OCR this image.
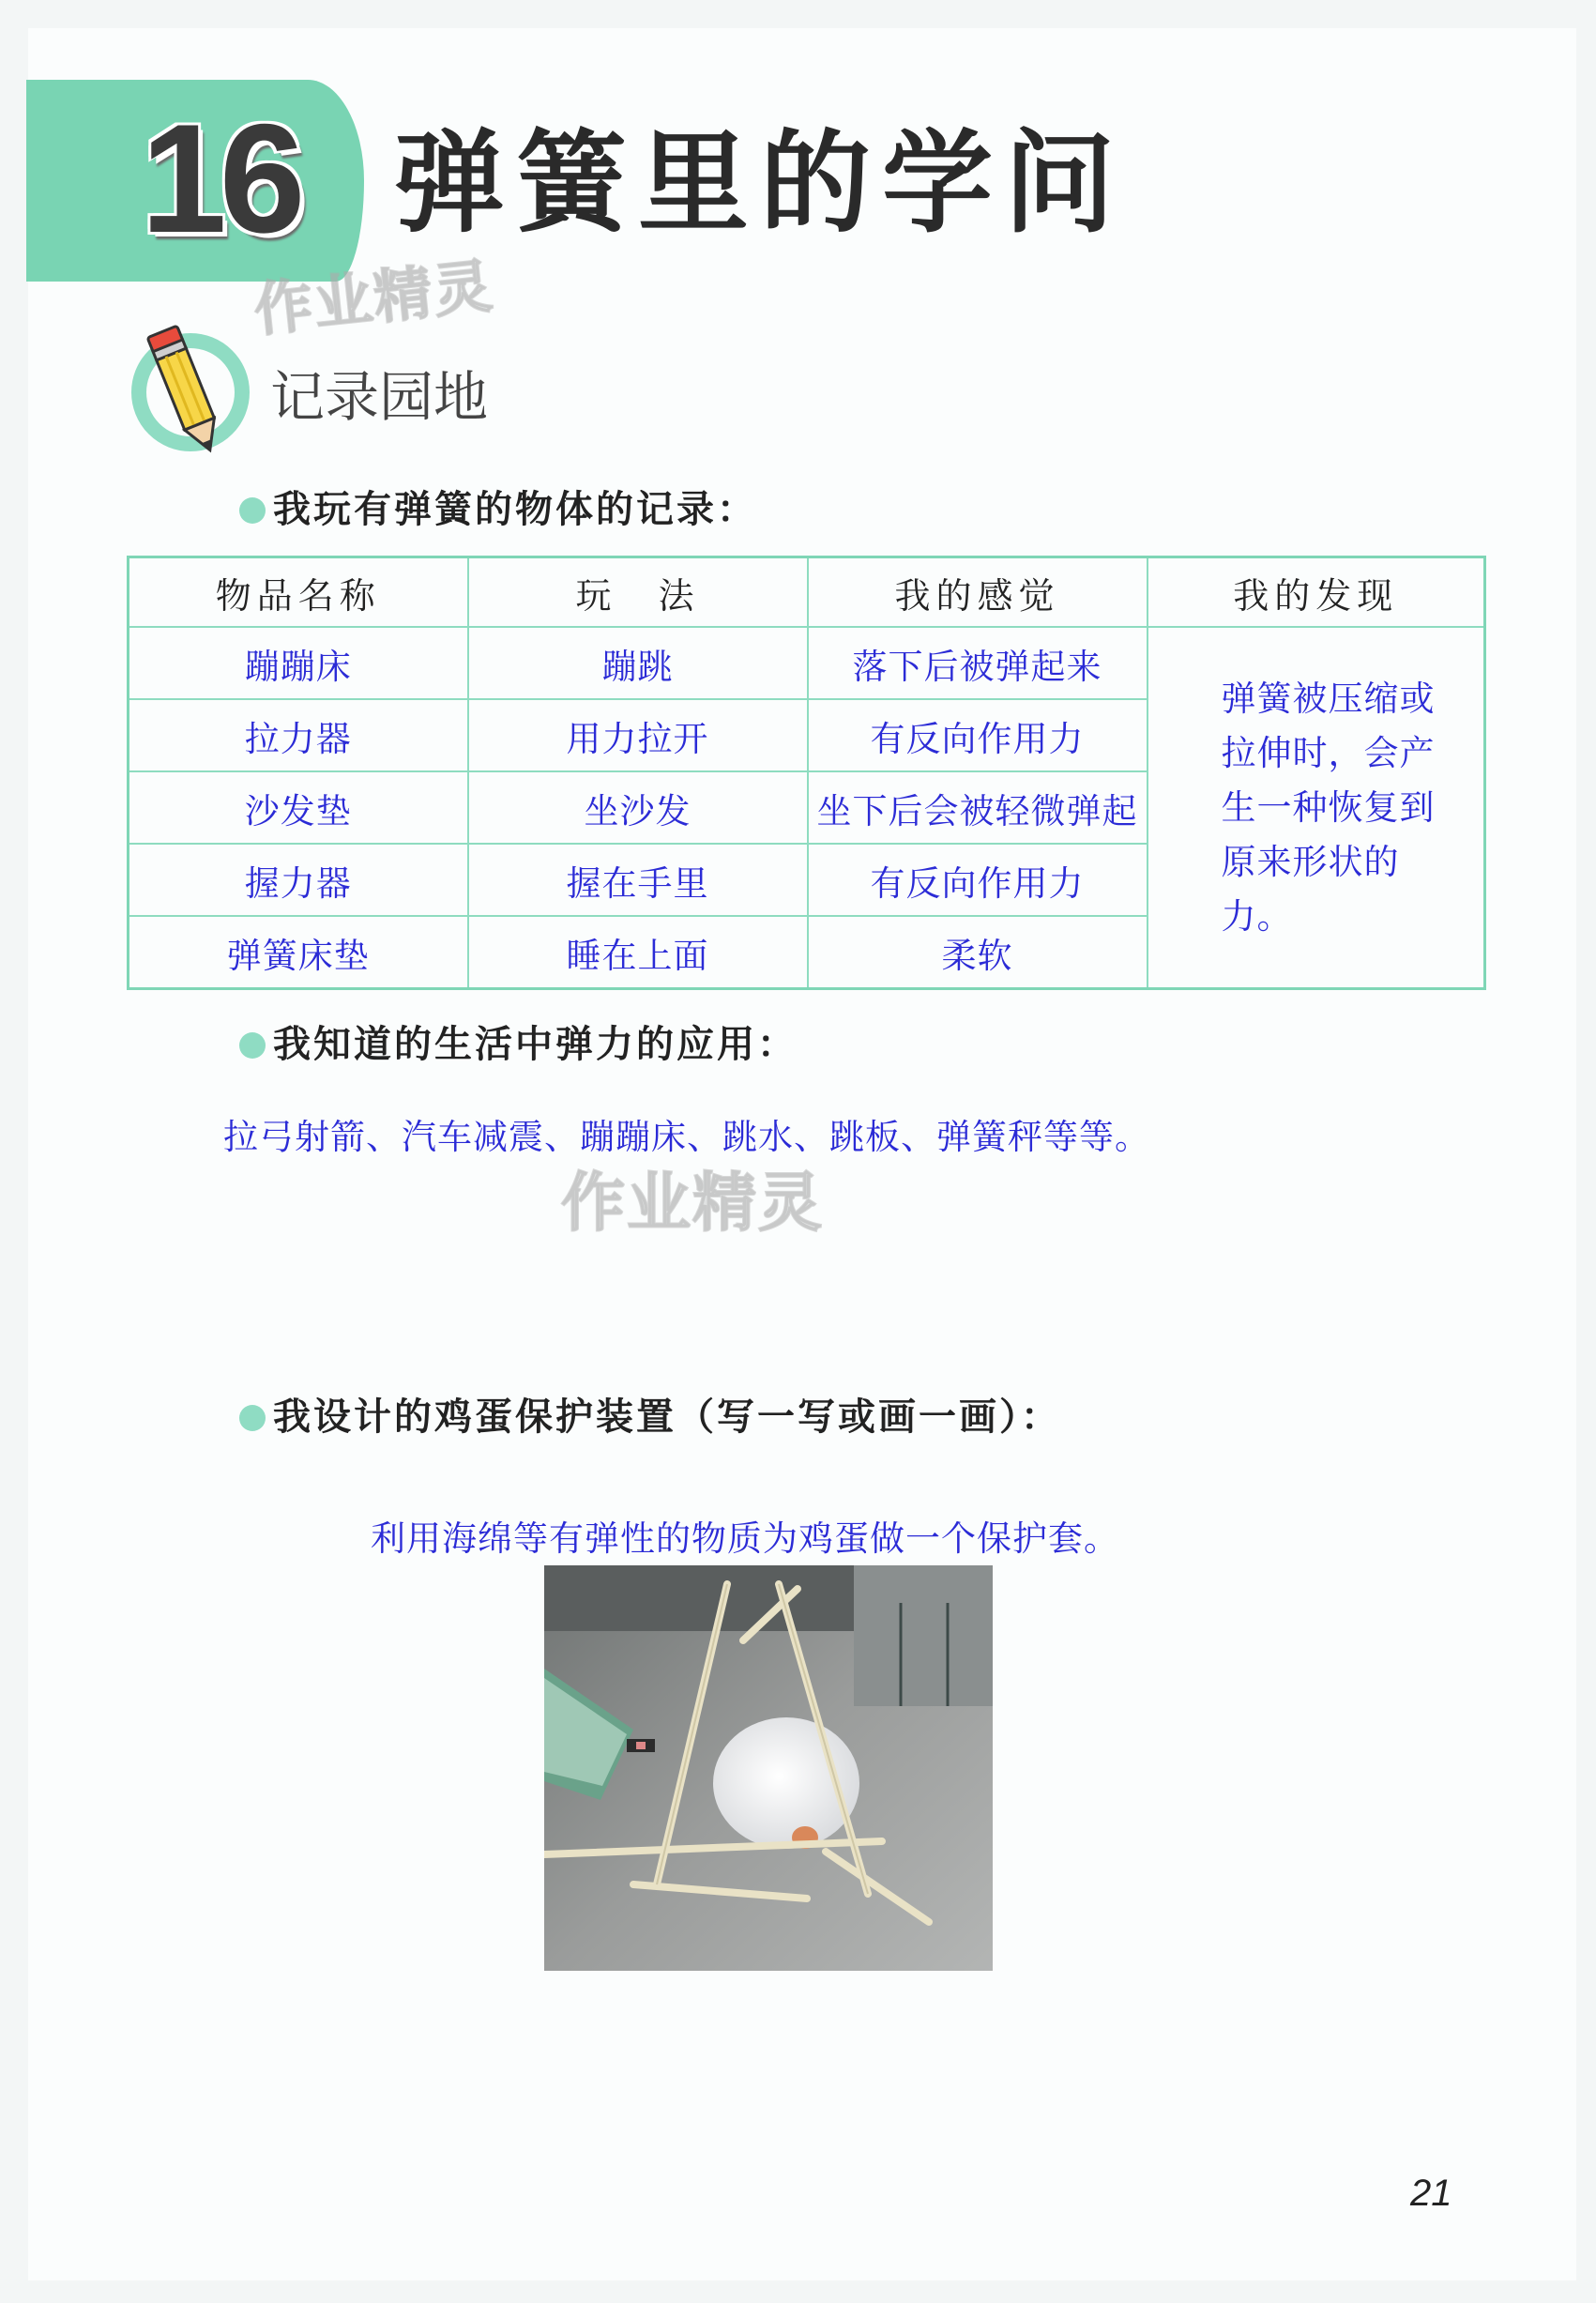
16 弹簧里的学问
作业精灵
记录园地
我玩有弹簧的物体的记录：
物品名称	玩　法	我的感觉	我的发现
蹦蹦床	蹦跳	落下后被弹起来	弹簧被压缩或拉伸时，会产生一种恢复到原来形状的力。
拉力器	用力拉开	有反向作用力	
沙发垫	坐沙发	坐下后会被轻微弹起	
握力器	握在手里	有反向作用力	
弹簧床垫	睡在上面	柔软	
我知道的生活中弹力的应用：
拉弓射箭、汽车减震、蹦蹦床、跳水、跳板、弹簧秤等等。
作业精灵
我设计的鸡蛋保护装置（写一写或画一画）：
利用海绵等有弹性的物质为鸡蛋做一个保护套。
21
